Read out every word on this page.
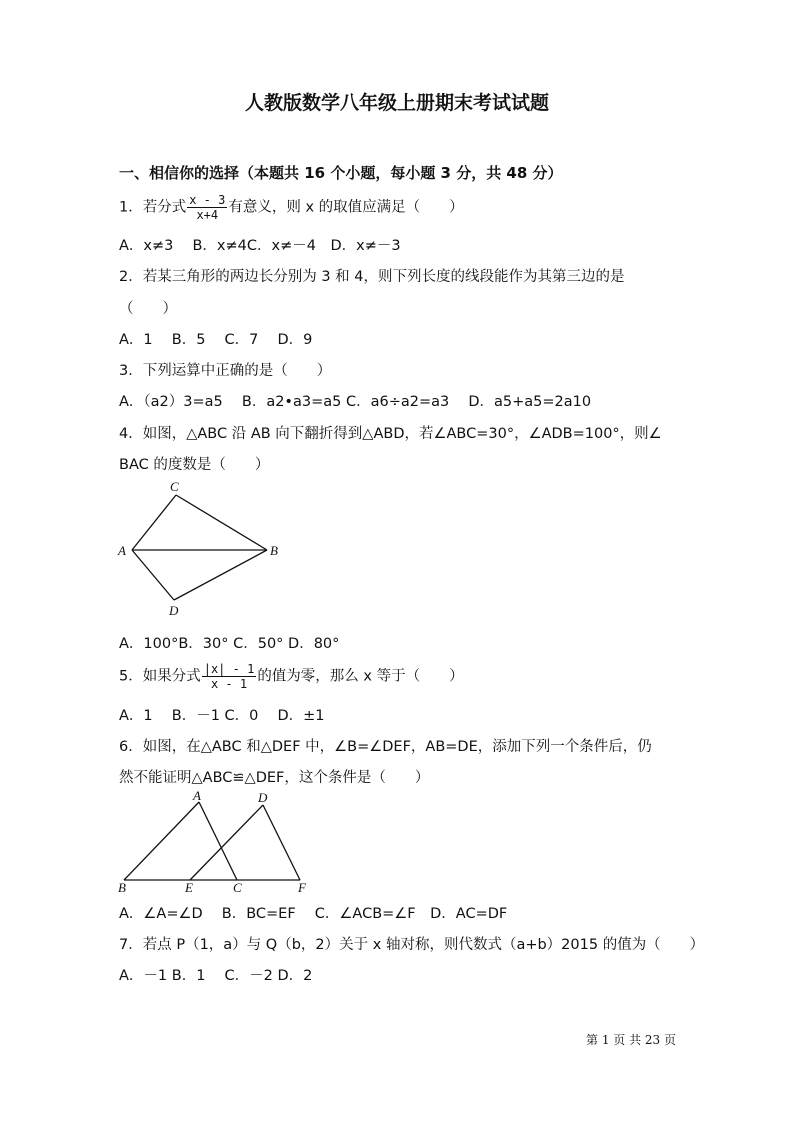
人教版数学八年级上册期末考试试题
一、相信你的选择（本题共 16 个小题，每小题 3 分，共 48 分）
1．若分式 $\frac{x - 3}{x+4}$ 有意义，则 x 的取值应满足（　　）
A．x≠3　 B．x≠4C．x≠－4　D．x≠－3
2．若某三角形的两边长分别为 3 和 4，则下列长度的线段能作为其第三边的是
（　　）
A．1　 B．5　 C．7　 D．9
3．下列运算中正确的是（　　）
A．（a2）3=a5　 B．a2•a3=a5 C．a6÷a2=a3　 D．a5+a5=2a10
4．如图，△ABC 沿 AB 向下翻折得到△ABD，若∠ABC=30°，∠ADB=100°，则∠
BAC 的度数是（　　）
A	B
C
D
A．100°B．30° C．50° D．80°
5．如果分式 $\frac{|x| - 1}{x - 1}$ 的值为零，那么 x 等于（　　）
A．1　 B．－1 C．0　 D．±1
6．如图，在△ABC 和△DEF 中，∠B=∠DEF，AB=DE，添加下列一个条件后，仍
然不能证明△ABC≌△DEF，这个条件是（　　）
A	D
B	E	C	F
A．∠A=∠D　 B．BC=EF　 C．∠ACB=∠F　D．AC=DF
7．若点 P（1，a）与 Q（b，2）关于 x 轴对称，则代数式（a+b）2015 的值为（　　）
A．－1 B．1　 C．－2 D．2
第 1 页 共 23 页
